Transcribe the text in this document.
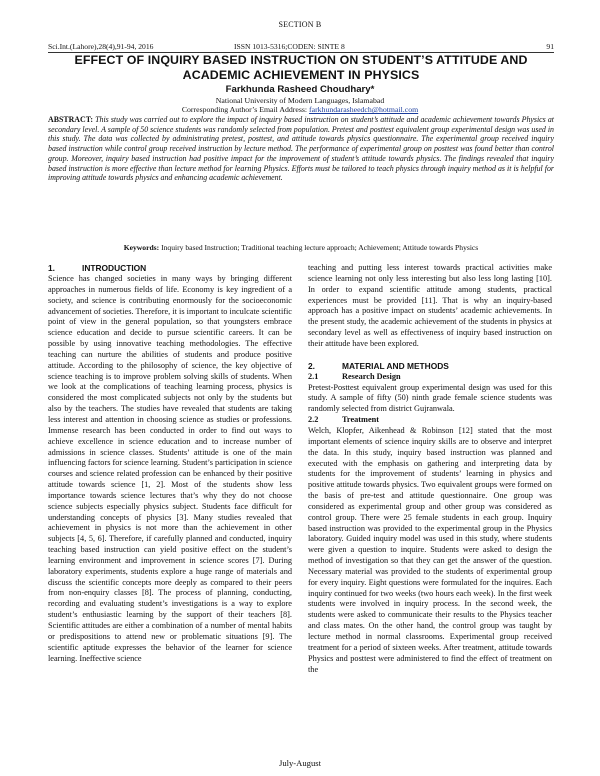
SECTION B
Sci.Int.(Lahore),28(4),91-94, 2016	ISSN 1013-5316;CODEN: SINTE 8	91
EFFECT OF INQUIRY BASED INSTRUCTION ON STUDENT’S ATTITUDE AND ACADEMIC ACHIEVEMENT IN PHYSICS
Farkhunda Rasheed Choudhary*
National University of Modern Languages, Islamabad
Corresponding Author’s Email Address: farkhundarasheedch@hotmail.com

ABSTRACT: This study was carried out to explore the impact of inquiry based instruction on student’s attitude and academic achievement towards Physics at secondary level. A sample of 50 science students was randomly selected from population. Pretest and posttest equivalent group experimental design was used in this study. The data was collected by administrating pretest, posttest, and attitude towards physics questionnaire. The experimental group received inquiry based instruction while control group received instruction by lecture method. The performance of experimental group on posttest was found better than control group. Moreover, inquiry based instruction had positive impact for the improvement of student’s attitude towards physics. The findings revealed that inquiry based instruction is more effective than lecture method for learning Physics. Efforts must be tailored to teach physics through inquiry method as it is helpful for improving attitude towards physics and enhancing academic achievement.

Keywords: Inquiry based Instruction; Traditional teaching lecture approach; Achievement; Attitude towards Physics
1.	INTRODUCTION

Science has changed societies in many ways by bringing different approaches in numerous fields of life. Economy is key ingredient of a society, and science is contributing enormously for the socioeconomic advancement of societies. Therefore, it is important to inculcate scientific point of view in the general population, so that youngsters embrace science education and decide to pursue scientific careers. It can be possible by using innovative teaching methodologies. The effective teaching can nurture the abilities of students and produce positive attitude. According to the philosophy of science, the key objective of science teaching is to improve problem solving skills of students. When we look at the complications of teaching learning process, physics is considered the most complicated subjects not only by the students but also by the teachers. The studies have revealed that students are taking less interest and attention in choosing science as studies or professions. Immense research has been conducted in order to find out ways to achieve excellence in science education and to increase number of admissions in science classes. Students’ attitude is one of the main influencing factors for science learning. Student’s participation in science courses and science related profession can be enhanced by their positive attitude towards science [1, 2]. Most of the students show less importance towards science lectures that’s why they do not choose science subjects especially physics subject. Students face difficult for understanding concepts of physics [3]. Many studies revealed that achievement in physics is not more than the achievement in other subjects [4, 5, 6]. Therefore, if carefully planned and conducted, inquiry teaching based instruction can yield positive effect on the student’s learning environment and improvement in science scores [7]. During laboratory experiments, students explore a huge range of materials and discuss the scientific concepts more deeply as compared to their peers from non-enquiry classes [8]. The process of planning, conducting, recording and evaluating student’s investigations is a way to explore student’s enthusiastic learning by the support of their teachers [8]. Scientific attitudes are either a combination of a number of mental habits or predispositions to attend new or problematic situations [9]. The scientific aptitude expresses the behavior of the learner for science learning. Ineffective science

teaching and putting less interest towards practical activities make science learning not only less interesting but also less long lasting [10]. In order to expand scientific attitude among students, practical experiences must be provided [11]. That is why an inquiry-based approach has a positive impact on students’ academic achievements. In the present study, the academic achievement of the students in physics at secondary level as well as effectiveness of inquiry based instruction on their attitude have been explored.

2.	MATERIAL AND METHODS
2.1	Research Design

Pretest-Posttest equivalent group experimental design was used for this study. A sample of fifty (50) ninth grade female science students was randomly selected from district Gujranwala.

2.2	Treatment

Welch, Klopfer, Aikenhead & Robinson [12] stated that the most important elements of science inquiry skills are to observe and interpret the data. In this study, inquiry based instruction was planned and executed with the emphasis on gathering and interpreting data by students for the improvement of students’ learning in physics and positive attitude towards physics. Two equivalent groups were formed on the basis of pre-test and attitude questionnaire. One group was considered as experimental group and other group was considered as control group. There were 25 female students in each group. Inquiry based instruction was provided to the experimental group in the Physics laboratory. Guided inquiry model was used in this study, where students were given a question to inquire. Students were asked to design the method of investigation so that they can get the answer of the question. Necessary material was provided to the students of experimental group for every inquiry. Eight questions were formulated for the inquires. Each inquiry continued for two weeks (two hours each week). In the first week students were involved in inquiry process. In the second week, the students were asked to communicate their results to the Physics teacher and class mates. On the other hand, the control group was taught by lecture method in normal classrooms. Experimental group received treatment for a period of sixteen weeks. After treatment, attitude towards Physics and posttest were administered to find the effect of treatment on the

July-August
